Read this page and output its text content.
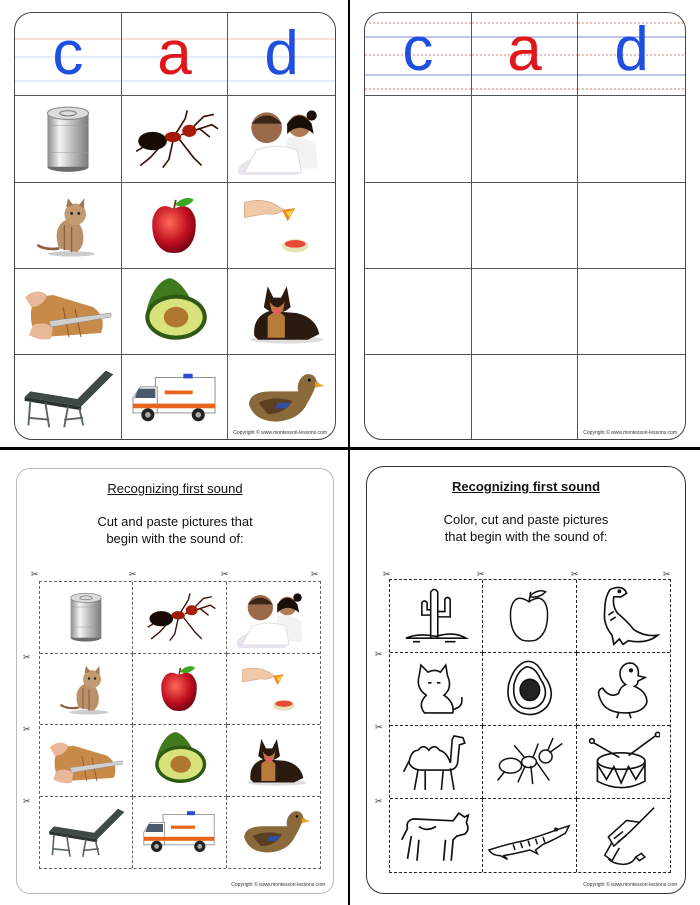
c	a	d
Copyright © www.montessori-lessons.com
c	a	d
Copyright © www.montessori-lessons.com
Recognizing first sound
Cut and paste pictures that
begin with the sound of:
✂	✂	✂	✂
✂
✂
✂
Copyright © www.montessori-lessons.com
Recognizing first sound
Color, cut and paste pictures
that begin with the sound of:
✂	✂	✂	✂
✂
✂
✂
Copyright © www.montessori-lessons.com
